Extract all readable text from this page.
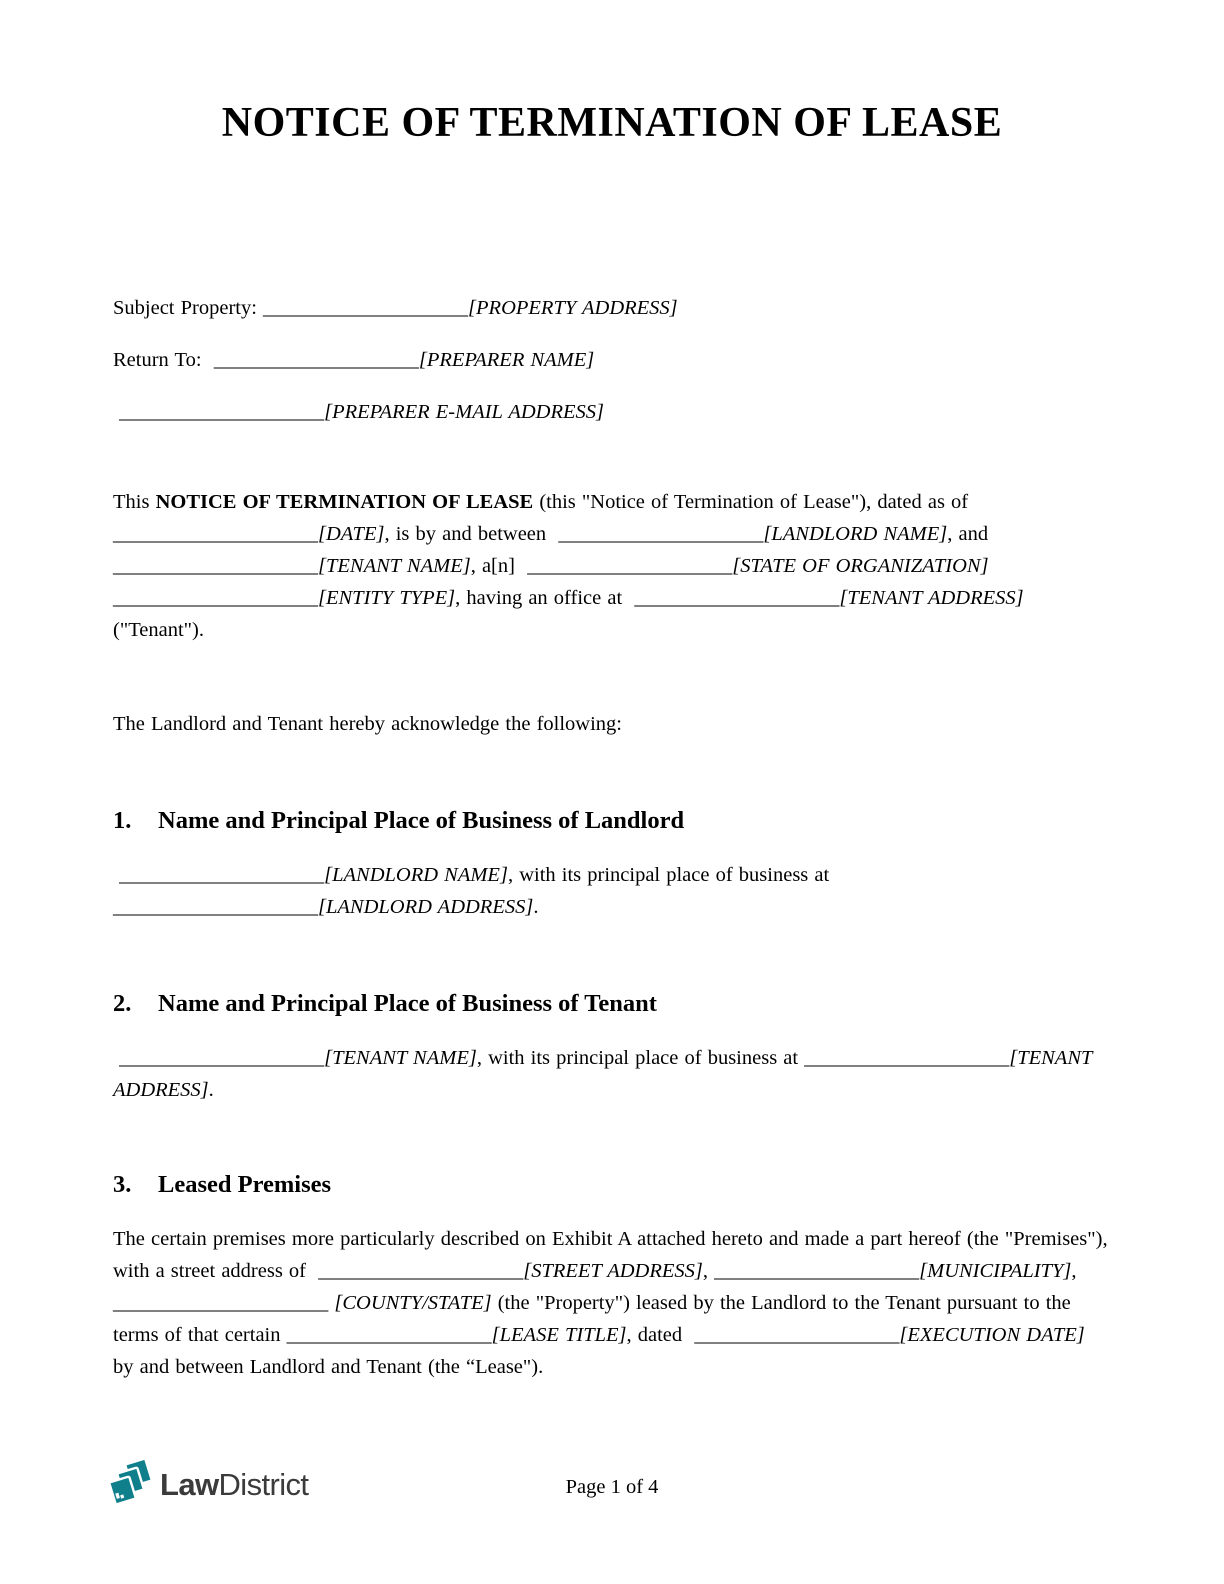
NOTICE OF TERMINATION OF LEASE

Subject Property: ____________________[PROPERTY ADDRESS]

Return To:  ____________________[PREPARER NAME]

____________________[PREPARER E-MAIL ADDRESS]

This NOTICE OF TERMINATION OF LEASE (this "Notice of Termination of Lease"), dated as of ____________________[DATE], is by and between  ____________________[LANDLORD NAME], and ____________________[TENANT NAME], a[n]  ____________________[STATE OF ORGANIZATION] ____________________[ENTITY TYPE], having an office at  ____________________[TENANT ADDRESS] ("Tenant").

The Landlord and Tenant hereby acknowledge the following:

1. Name and Principal Place of Business of Landlord

____________________[LANDLORD NAME], with its principal place of business at ____________________[LANDLORD ADDRESS].

2. Name and Principal Place of Business of Tenant

____________________[TENANT NAME], with its principal place of business at ____________________[TENANT ADDRESS].

3. Leased Premises

The certain premises more particularly described on Exhibit A attached hereto and made a part hereof (the "Premises"), with a street address of  ____________________[STREET ADDRESS], ____________________[MUNICIPALITY], _____________________ [COUNTY/STATE] (the "Property") leased by the Landlord to the Tenant pursuant to the terms of that certain ____________________[LEASE TITLE], dated  ____________________[EXECUTION DATE] by and between Landlord and Tenant (the “Lease").

LawDistrict	Page 1 of 4
